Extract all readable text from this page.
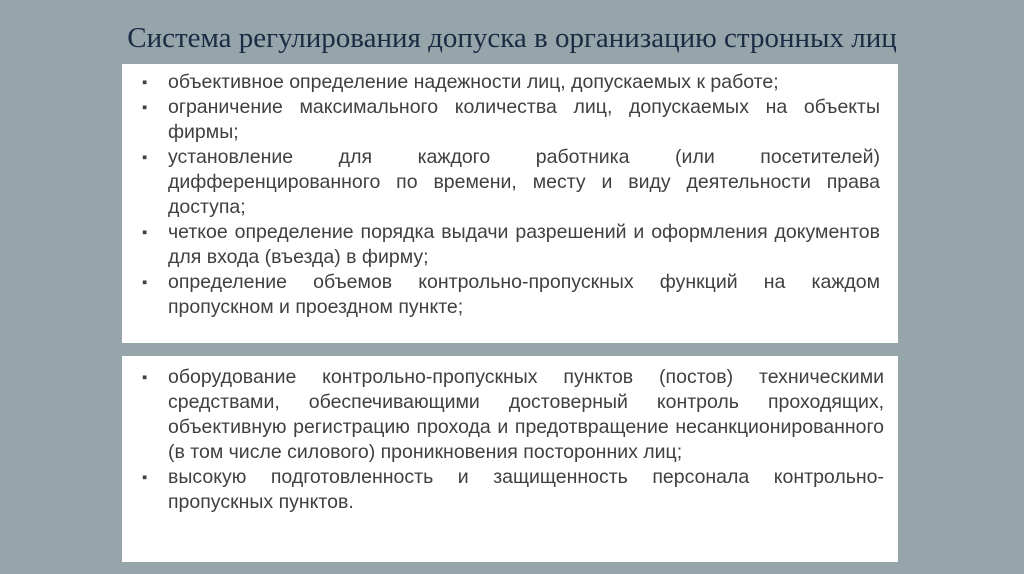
Система регулирования допуска в организацию стронных лиц
▪ объективное определение надежности лиц, допускаемых к работе;
▪ ограничение максимального количества лиц, допускаемых на объекты фирмы;
▪ установление для каждого работника (или посетителей) дифференцированного по времени, месту и виду деятельности права доступа;
▪ четкое определение порядка выдачи разрешений и оформления документов для входа (въезда) в фирму;
▪ определение объемов контрольно-пропускных функций на каждом пропускном и проездном пункте;
▪ оборудование контрольно-пропускных пунктов (постов) техническими средствами, обеспечивающими достоверный контроль проходящих, объективную регистрацию прохода и предотвращение несанкционированного (в том числе силового) проникновения посторонних лиц;
▪ высокую подготовленность и защищенность персонала контрольно-пропускных пунктов.
